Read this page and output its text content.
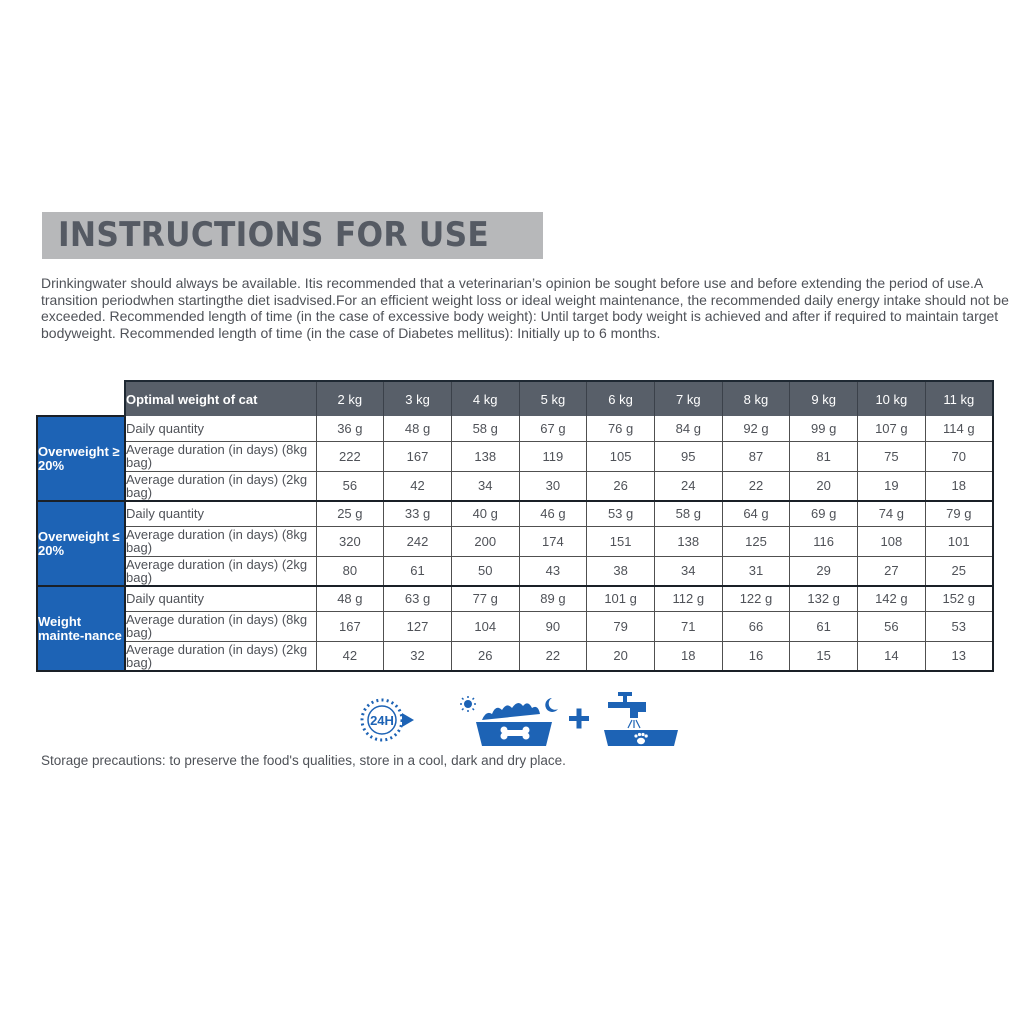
INSTRUCTIONS FOR USE

Drinkingwater should always be available. Itis recommended that a veterinarian’s opinion be sought before use and before extending the period of use.A transition periodwhen startingthe diet isadvised.For an efficient weight loss or ideal weight maintenance, the recommended daily energy intake should not be exceeded. Recommended length of time (in the case of excessive body weight): Until target body weight is achieved and after if required to maintain target bodyweight. Recommended length of time (in the case of Diabetes mellitus): Initially up to 6 months.

	Optimal weight of cat	2 kg	3 kg	4 kg	5 kg	6 kg	7 kg	8 kg	9 kg	10 kg	11 kg
Overweight ≥ 20%	Daily quantity	36 g	48 g	58 g	67 g	76 g	84 g	92 g	99 g	107 g	114 g
	Average duration (in days) (8kg bag)	222	167	138	119	105	95	87	81	75	70
	Average duration (in days) (2kg bag)	56	42	34	30	26	24	22	20	19	18
Overweight ≤ 20%	Daily quantity	25 g	33 g	40 g	46 g	53 g	58 g	64 g	69 g	74 g	79 g
	Average duration (in days) (8kg bag)	320	242	200	174	151	138	125	116	108	101
	Average duration (in days) (2kg bag)	80	61	50	43	38	34	31	29	27	25
Weight mainte-nance	Daily quantity	48 g	63 g	77 g	89 g	101 g	112 g	122 g	132 g	142 g	152 g
	Average duration (in days) (8kg bag)	167	127	104	90	79	71	66	61	56	53
	Average duration (in days) (2kg bag)	42	32	26	22	20	18	16	15	14	13
24H

Storage precautions: to preserve the food's qualities, store in a cool, dark and dry place.
